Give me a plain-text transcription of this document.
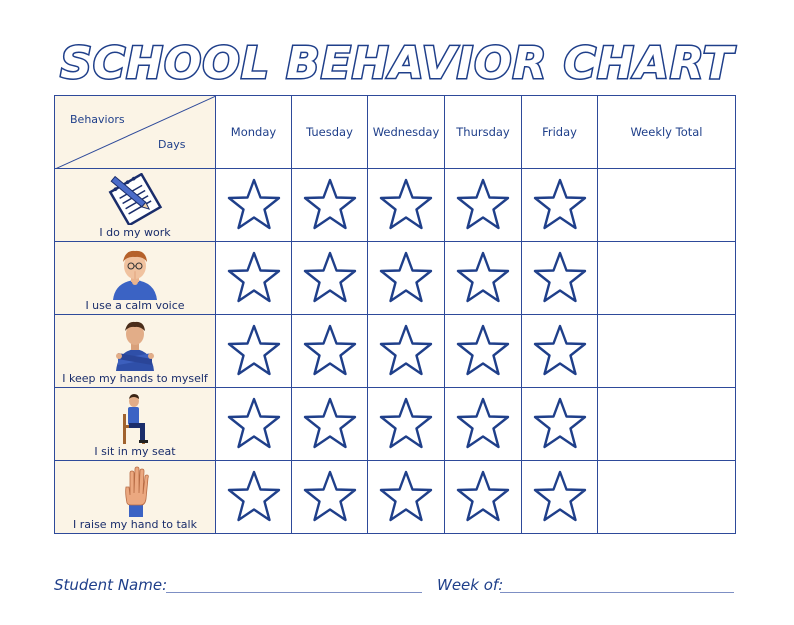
SCHOOL BEHAVIOR CHART
Behaviors
Days	Monday	Tuesday	Wednesday	Thursday	Friday	Weekly Total

I do my work

I use a calm voice

I keep my hands to myself

I sit in my seat

I raise my hand to talk

Student Name:	Week of:
